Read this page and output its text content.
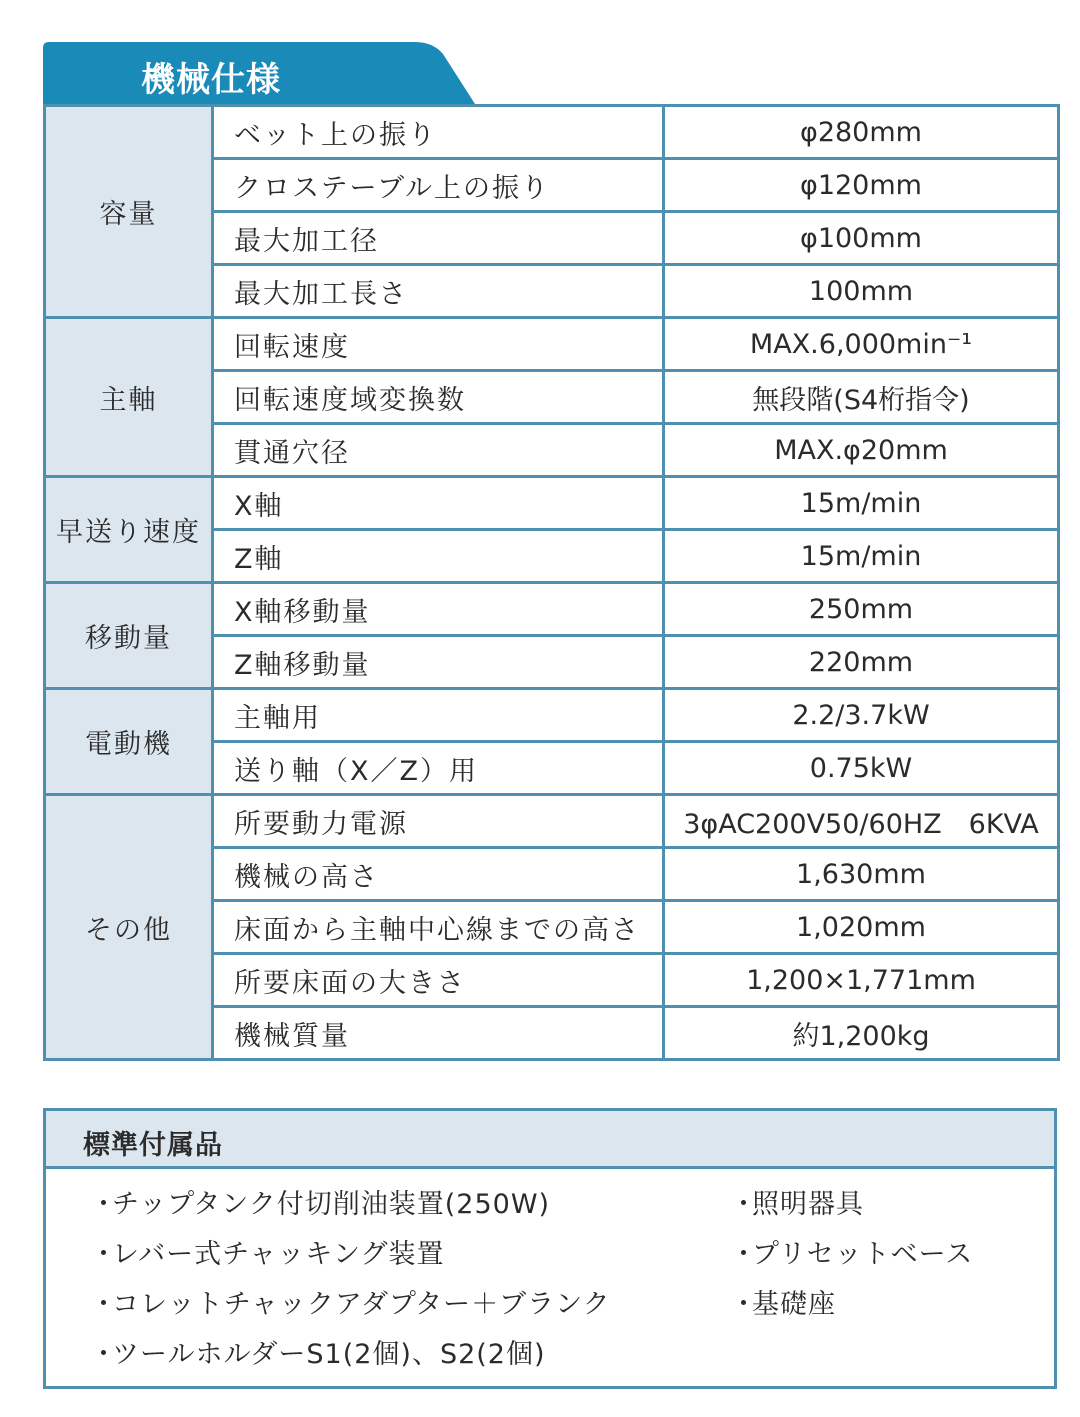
機械仕様
容量	ベット上の振り	φ280mm
	クロステーブル上の振り	φ120mm
	最大加工径	φ100mm
	最大加工長さ	100mm
主軸	回転速度	MAX.6,000min⁻¹
	回転速度域変換数	無段階(S4桁指令)
	貫通穴径	MAX.φ20mm
早送り速度	X軸	15m/min
	Z軸	15m/min
移動量	X軸移動量	250mm
	Z軸移動量	220mm
電動機	主軸用	2.2/3.7kW
	送り軸（X／Z）用	0.75kW
その他	所要動力電源	3φAC200V50/60HZ　6KVA
	機械の高さ	1,630mm
	床面から主軸中心線までの高さ	1,020mm
	所要床面の大きさ	1,200×1,771mm
	機械質量	約1,200kg
標準付属品
・チップタンク付切削油装置(250W)
・レバー式チャッキング装置
・コレットチャックアダプター＋ブランク
・ツールホルダーS1(2個)、S2(2個)
・照明器具
・プリセットベース
・基礎座
